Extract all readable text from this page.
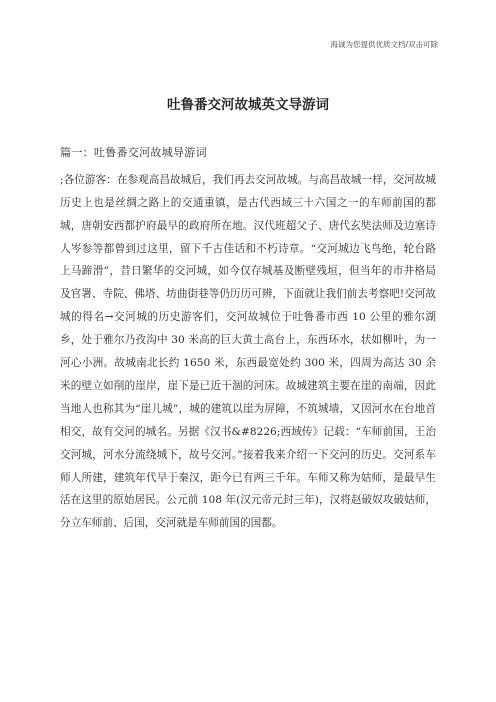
海诚为您提供优质文档/双击可除
吐鲁番交河故城英文导游词
篇一：吐鲁番交河故城导游词

;各位游客：在参观高昌故城后，我们再去交河故城。与高昌故城一样，交河故城历史上也是丝绸之路上的交通重镇，是古代西域三十六国之一的车师前国的都城，唐朝安西都护府最早的政府所在地。汉代班超父子、唐代玄奘法师及边塞诗人岑参等都曾到过这里，留下千古佳话和不朽诗章。“交河城边飞鸟绝，轮台路上马蹄滑”，昔日繁华的交河城，如今仅存城基及断壁残垣，但当年的市井格局及官署、寺院、佛塔、坊曲街巷等仍历历可辨，下面就让我们前去考察吧!交河故城的得名→交河城的历史游客们，交河故城位于吐鲁番市西 10 公里的雅尔湖乡，处于雅尔乃孜沟中 30 米高的巨大黄土高台上，东西环水，状如柳叶，为一河心小洲。故城南北长约 1650 米，东西最宽处约 300 米，四周为高达 30 余米的壁立如削的崖岸，崖下是已近干涸的河床。故城建筑主要在崖的南端，因此当地人也称其为“崖儿城”，城的建筑以崖为屏障，不筑城墙，又因河水在台地首相交，故有交河的城名。另据《汉书&#8226;西域传》记载：“车师前国，王治交河城，河水分流绕城下，故号交河。”接着我来介绍一下交河的历史。交河系车师人所建，建筑年代早于秦汉，距今已有两三千年。车师又称为姑师，是最早生活在这里的原始居民。公元前 108 年(汉元帝元封三年)，汉将赵破奴攻破姑师，分立车师前、后国，交河就是车师前国的国都。
